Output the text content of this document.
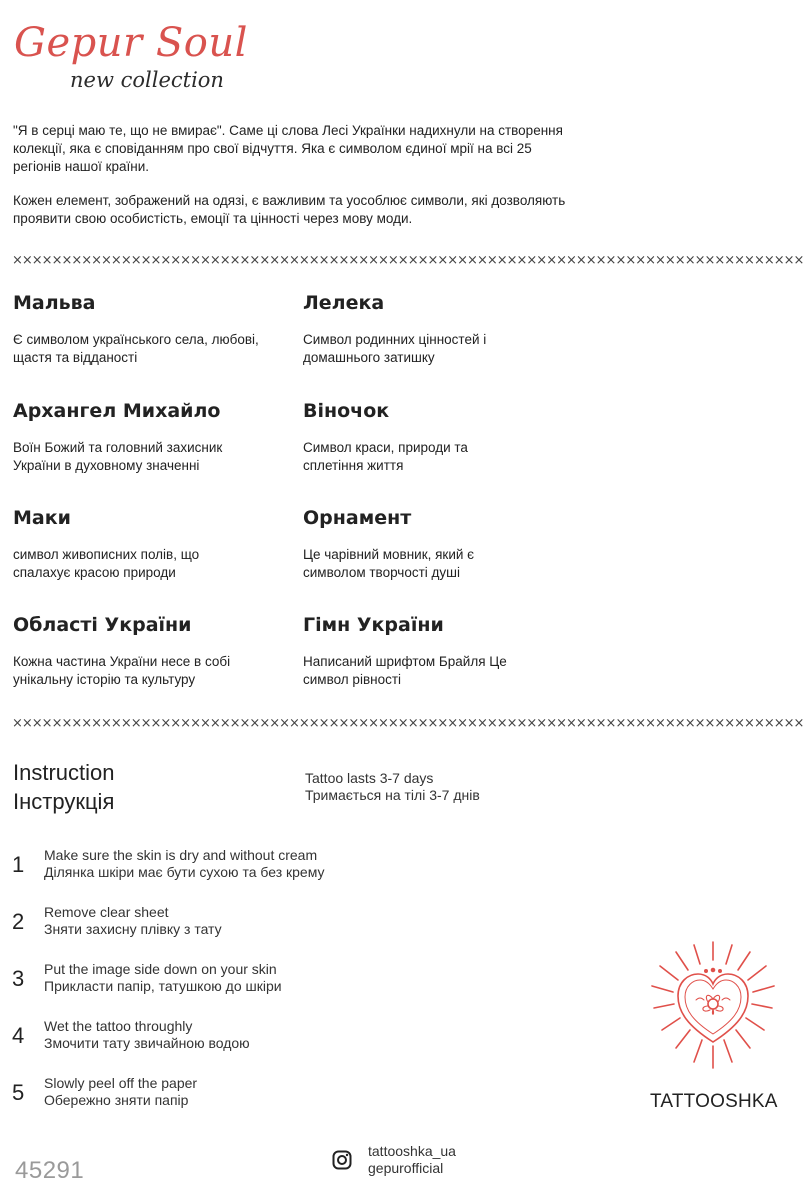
Gepur Soul
new collection
"Я в серці маю те, що не вмирає". Саме ці слова Лесі Українки надихнули на створення колекції, яка є сповіданням про свої відчуття. Яка є символом єдиної мрії на всі 25 регіонів нашої країни.
Кожен елемент, зображений на одязі, є важливим та уособлює символи, які дозволяють проявити свою особистість, емоції та цінності через мову моди.
××××××××××××××××××××××××××××××××××××××××××××××××××××××××××××××××××××××××××××××××
Мальва
Є символом українського села, любові, щастя та відданості
Лелека
Символ родинних цінностей і домашнього затишку
Архангел Михайло
Воїн Божий та головний захисник України в духовному значенні
Віночок
Символ краси, природи та сплетіння життя
Маки
символ живописних полів, що спалахує красою природи
Орнамент
Це чарівний мовник, який є символом творчості душі
Області України
Кожна частина України несе в собі унікальну історію та культуру
Гімн України
Написаний шрифтом Брайля Це символ рівності
××××××××××××××××××××××××××××××××××××××××××××××××××××××××××××××××××××××××××××××××
Instruction
Інструкція
Tattoo lasts 3-7 days
Тримається на тілі 3-7 днів
1	Make sure the skin is dry and without cream
Ділянка шкіри має бути сухою та без крему
2	Remove clear sheet
Зняти захисну плівку з тату
3	Put the image side down on your skin
Прикласти папір, татушкою до шкіри
4	Wet the tattoo throughly
Змочити тату звичайною водою
5	Slowly peel off the paper
Обережно зняти папір	TATTOOSHKA
tattooshka_ua
gepurofficial
45291
